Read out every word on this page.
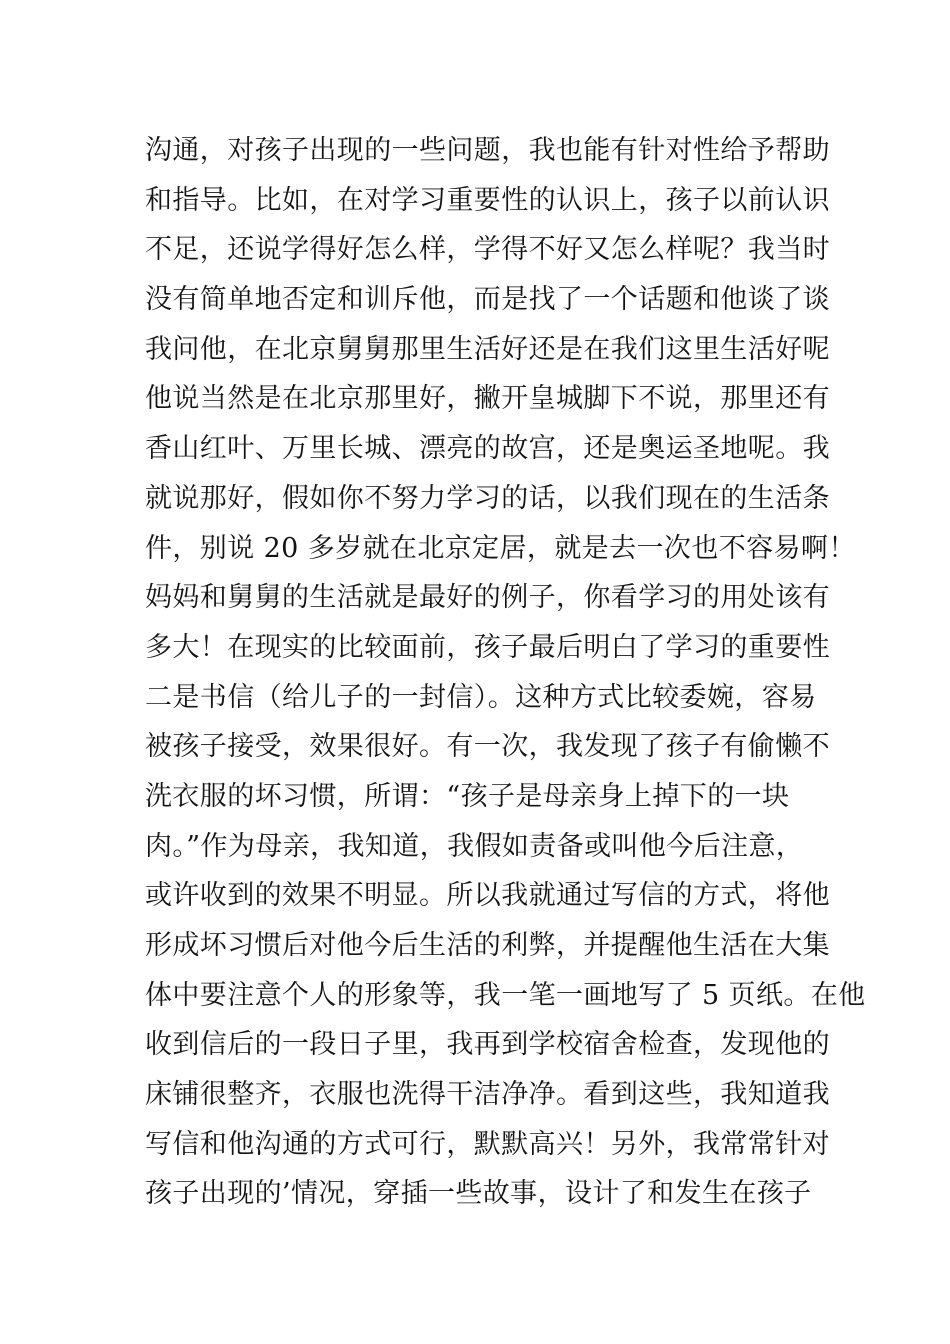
沟通，对孩子出现的一些问题，我也能有针对性给予帮助
和指导。比如，在对学习重要性的认识上，孩子以前认识
不足，还说学得好怎么样，学得不好又怎么样呢？我当时
没有简单地否定和训斥他，而是找了一个话题和他谈了谈
我问他，在北京舅舅那里生活好还是在我们这里生活好呢
他说当然是在北京那里好，撇开皇城脚下不说，那里还有
香山红叶、万里长城、漂亮的故宫，还是奥运圣地呢。我
就说那好，假如你不努力学习的话，以我们现在的生活条
件，别说 20 多岁就在北京定居，就是去一次也不容易啊！
妈妈和舅舅的生活就是最好的例子，你看学习的用处该有
多大！在现实的比较面前，孩子最后明白了学习的重要性
二是书信（给儿子的一封信）。这种方式比较委婉，容易
被孩子接受，效果很好。有一次，我发现了孩子有偷懒不
洗衣服的坏习惯，所谓：“孩子是母亲身上掉下的一块
肉。”作为母亲，我知道，我假如责备或叫他今后注意，
或许收到的效果不明显。所以我就通过写信的方式，将他
形成坏习惯后对他今后生活的利弊，并提醒他生活在大集
体中要注意个人的形象等，我一笔一画地写了 5 页纸。在他
收到信后的一段日子里，我再到学校宿舍检查，发现他的
床铺很整齐，衣服也洗得干洁净净。看到这些，我知道我
写信和他沟通的方式可行，默默高兴！另外，我常常针对
孩子出现的’情况，穿插一些故事，设计了和发生在孩子
